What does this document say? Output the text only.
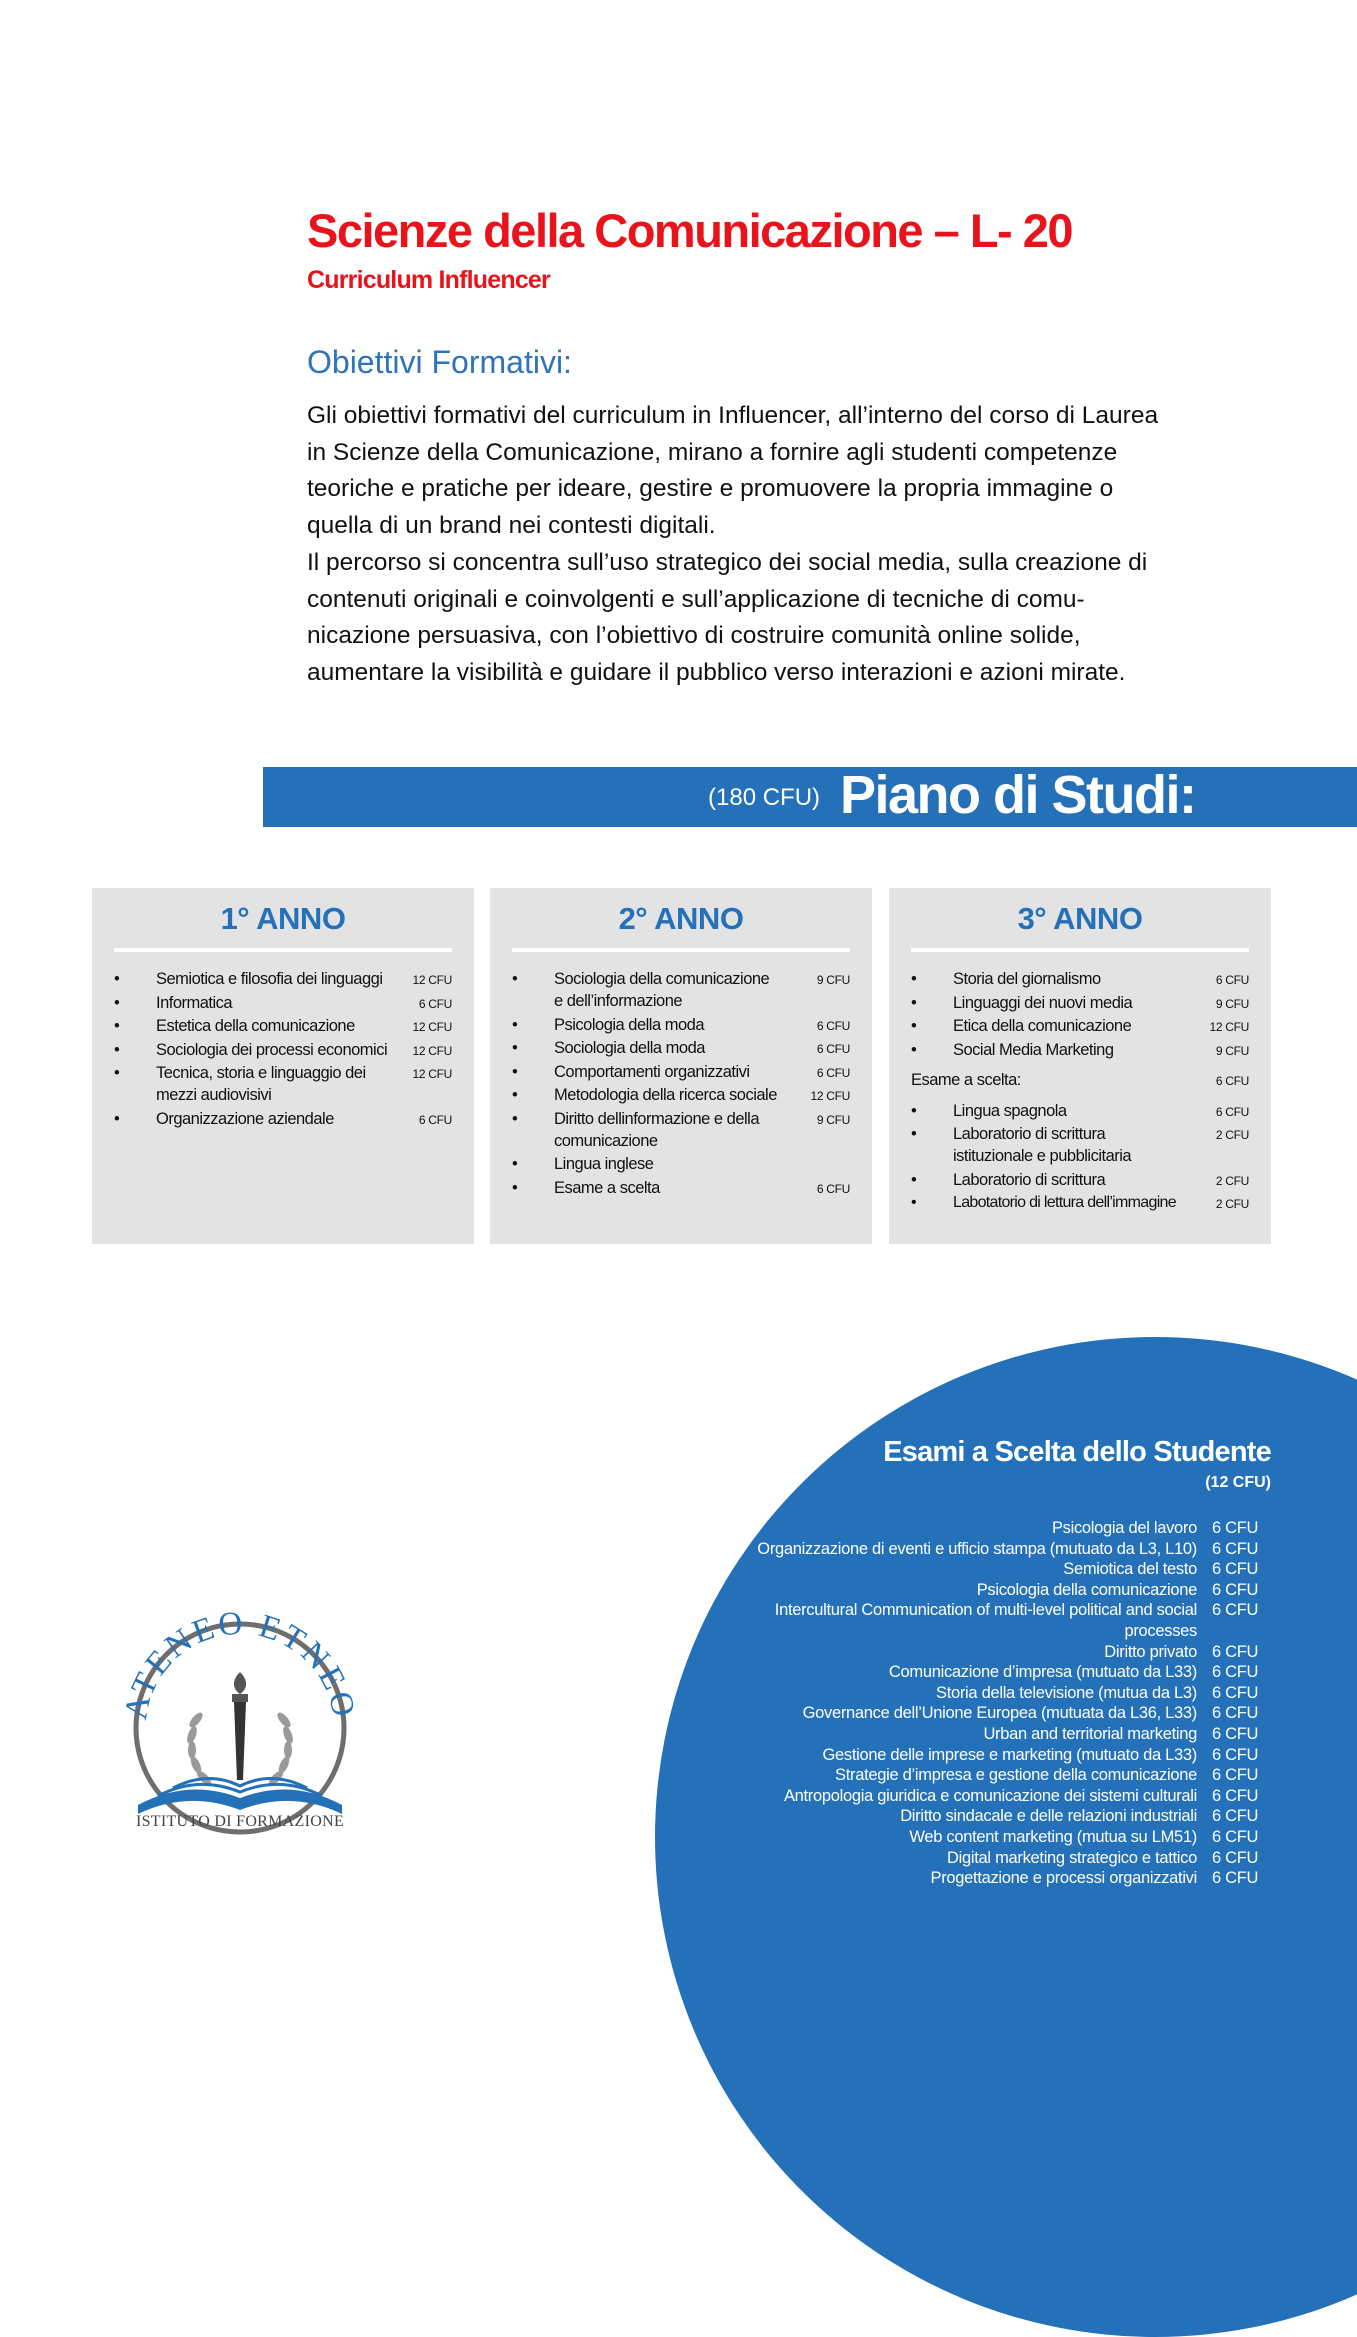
Scienze della Comunicazione – L- 20
Curriculum Influencer
Obiettivi Formativi:

Gli obiettivi formativi del curriculum in Influencer, all’interno del corso di Laurea in Scienze della Comunicazione, mirano a fornire agli studenti competenze teoriche e pratiche per ideare, gestire e promuovere la propria immagine o quella di un brand nei contesti digitali.

Il percorso si concentra sull’uso strategico dei social media, sulla creazione di contenuti originali e coinvolgenti e sull’applicazione di tecniche di comu-nicazione persuasiva, con l’obiettivo di costruire comunità online solide, aumentare la visibilità e guidare il pubblico verso interazioni e azioni mirate.

(180 CFU) Piano di Studi:
1° ANNO
• Semiotica e filosofia dei linguaggi 12 CFU
• Informatica	6 CFU
• Estetica della comunicazione	12 CFU
• Sociologia dei processi economici 12 CFU
• Tecnica, storia e linguaggio dei mezzi audiovisivi
12 CFU
• Organizzazione aziendale	6 CFU
2° ANNO
• Sociologia della comunicazione e dell’informazione
9 CFU
• Psicologia della moda	6 CFU
• Sociologia della moda	6 CFU
• Comportamenti organizzativi	6 CFU
• Metodologia della ricerca sociale	12 CFU
• Diritto dellinformazione e della comunicazione
9 CFU
• Lingua inglese
• Esame a scelta	6 CFU
3° ANNO
• Storia del giornalismo	6 CFU
• Linguaggi dei nuovi media	9 CFU
• Etica della comunicazione	12 CFU
• Social Media Marketing	9 CFU
Esame a scelta:	6 CFU
• Lingua spagnola	6 CFU
• Laboratorio di scrittura istituzionale e pubblicitaria
2 CFU
• Laboratorio di scrittura	2 CFU
• Labotatorio di lettura dell’immagine	2 CFU
Esami a Scelta dello Studente
(12 CFU)
Psicologia del lavoro 6 CFU
Organizzazione di eventi e ufficio stampa (mutuato da L3, L10) 6 CFU
Semiotica del testo 6 CFU
Psicologia della comunicazione 6 CFU
Intercultural Communication of multi-level political and social processes
6 CFU
Diritto privato 6 CFU
Comunicazione d’impresa (mutuato da L33) 6 CFU
Storia della televisione (mutua da L3) 6 CFU
Governance dell’Unione Europea (mutuata da L36, L33) 6 CFU
Urban and territorial marketing 6 CFU
Gestione delle imprese e marketing (mutuato da L33) 6 CFU
Strategie d’impresa e gestione della comunicazione 6 CFU
Antropologia giuridica e comunicazione dei sistemi culturali 6 CFU
Diritto sindacale e delle relazioni industriali 6 CFU
Web content marketing (mutua su LM51) 6 CFU
Digital marketing strategico e tattico 6 CFU
Progettazione e processi organizzativi 6 CFU
ATENEO ETNEO
ISTITUTO DI FORMAZIONE
